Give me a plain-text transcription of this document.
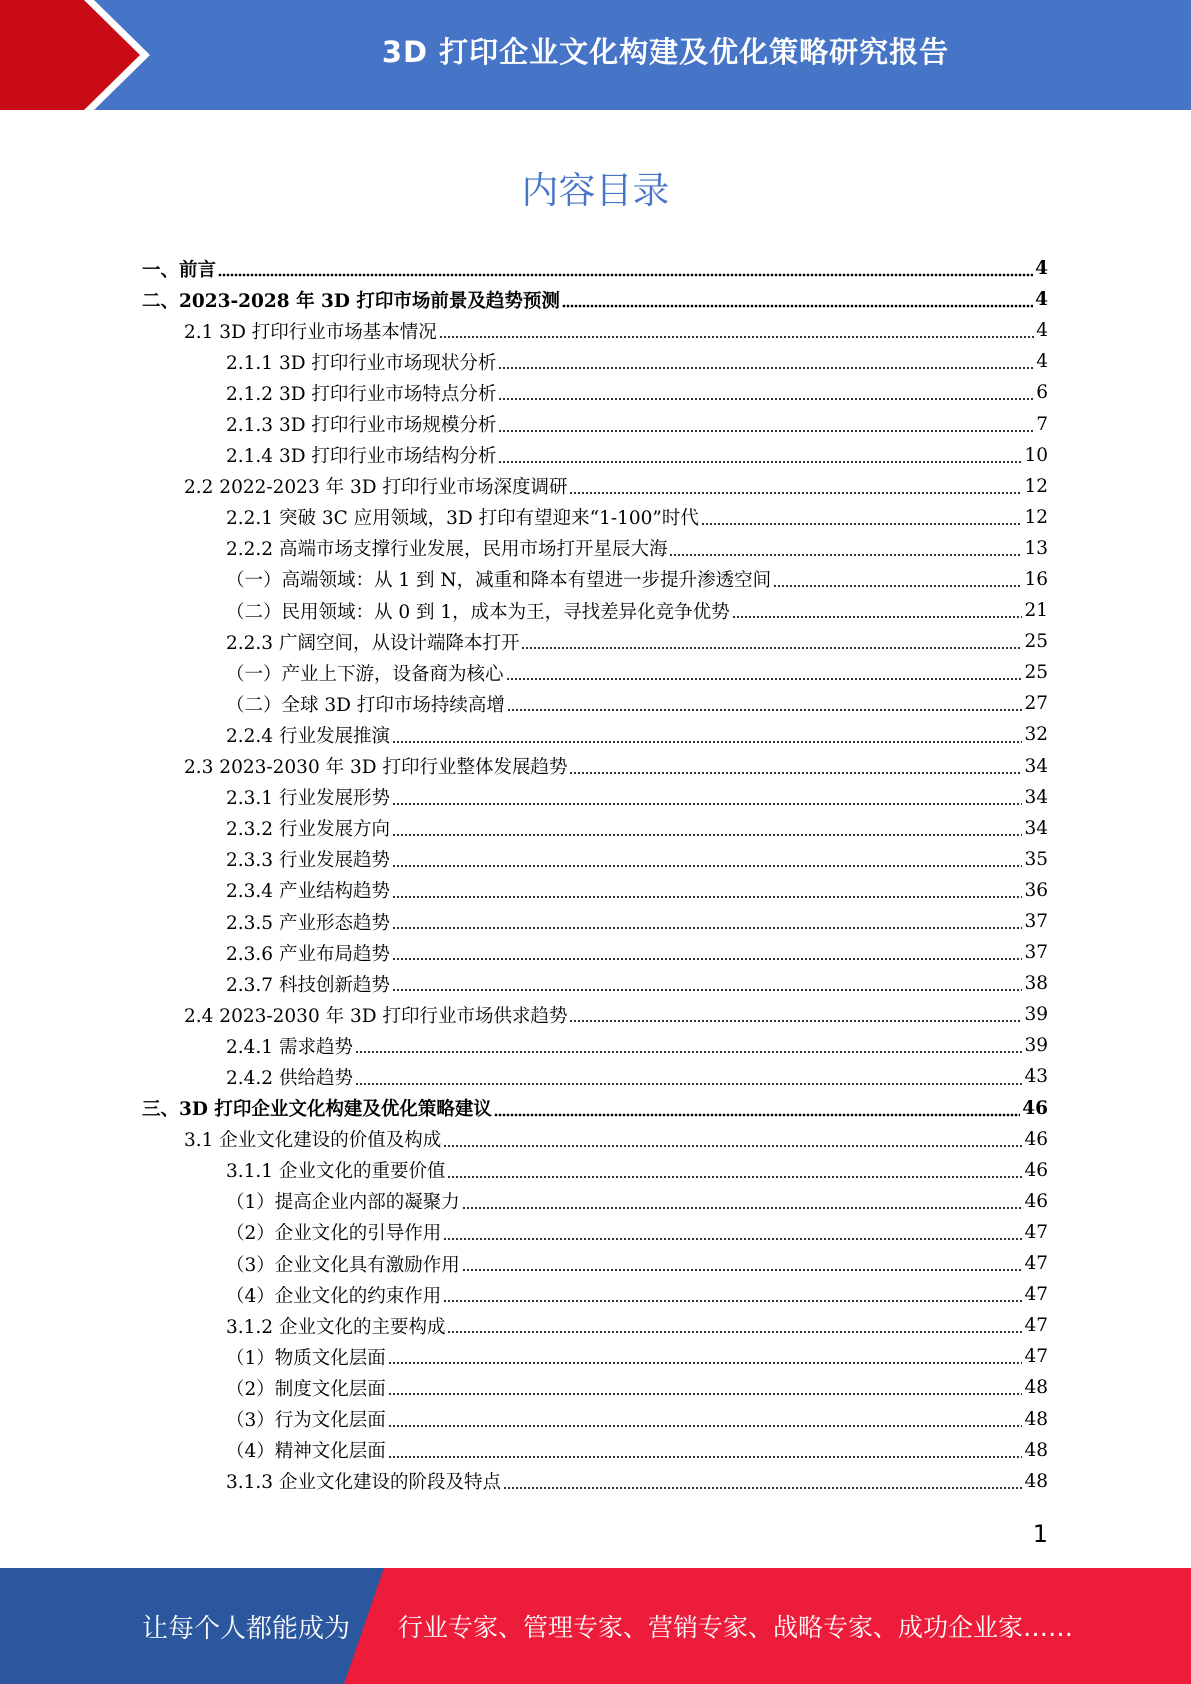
3D 打印企业文化构建及优化策略研究报告
内容目录
一、前言	4
二、2023-2028 年 3D 打印市场前景及趋势预测	4
2.1 3D 打印行业市场基本情况	4
2.1.1 3D 打印行业市场现状分析	4
2.1.2 3D 打印行业市场特点分析	6
2.1.3 3D 打印行业市场规模分析	7
2.1.4 3D 打印行业市场结构分析	10
2.2 2022-2023 年 3D 打印行业市场深度调研	12
2.2.1 突破 3C 应用领域，3D 打印有望迎来“1-100”时代	12
2.2.2 高端市场支撑行业发展，民用市场打开星辰大海	13
（一）高端领域：从 1 到 N，减重和降本有望进一步提升渗透空间	16
（二）民用领域：从 0 到 1，成本为王，寻找差异化竞争优势	21
2.2.3 广阔空间，从设计端降本打开	25
（一）产业上下游，设备商为核心	25
（二）全球 3D 打印市场持续高增	27
2.2.4 行业发展推演	32
2.3 2023-2030 年 3D 打印行业整体发展趋势	34
2.3.1 行业发展形势	34
2.3.2 行业发展方向	34
2.3.3 行业发展趋势	35
2.3.4 产业结构趋势	36
2.3.5 产业形态趋势	37
2.3.6 产业布局趋势	37
2.3.7 科技创新趋势	38
2.4 2023-2030 年 3D 打印行业市场供求趋势	39
2.4.1 需求趋势	39
2.4.2 供给趋势	43
三、3D 打印企业文化构建及优化策略建议	46
3.1 企业文化建设的价值及构成	46
3.1.1 企业文化的重要价值	46
（1）提高企业内部的凝聚力	46
（2）企业文化的引导作用	47
（3）企业文化具有激励作用	47
（4）企业文化的约束作用	47
3.1.2 企业文化的主要构成	47
（1）物质文化层面	47
（2）制度文化层面	48
（3）行为文化层面	48
（4）精神文化层面	48
3.1.3 企业文化建设的阶段及特点	48
1
让每个人都能成为 行业专家、管理专家、营销专家、战略专家、成功企业家……
